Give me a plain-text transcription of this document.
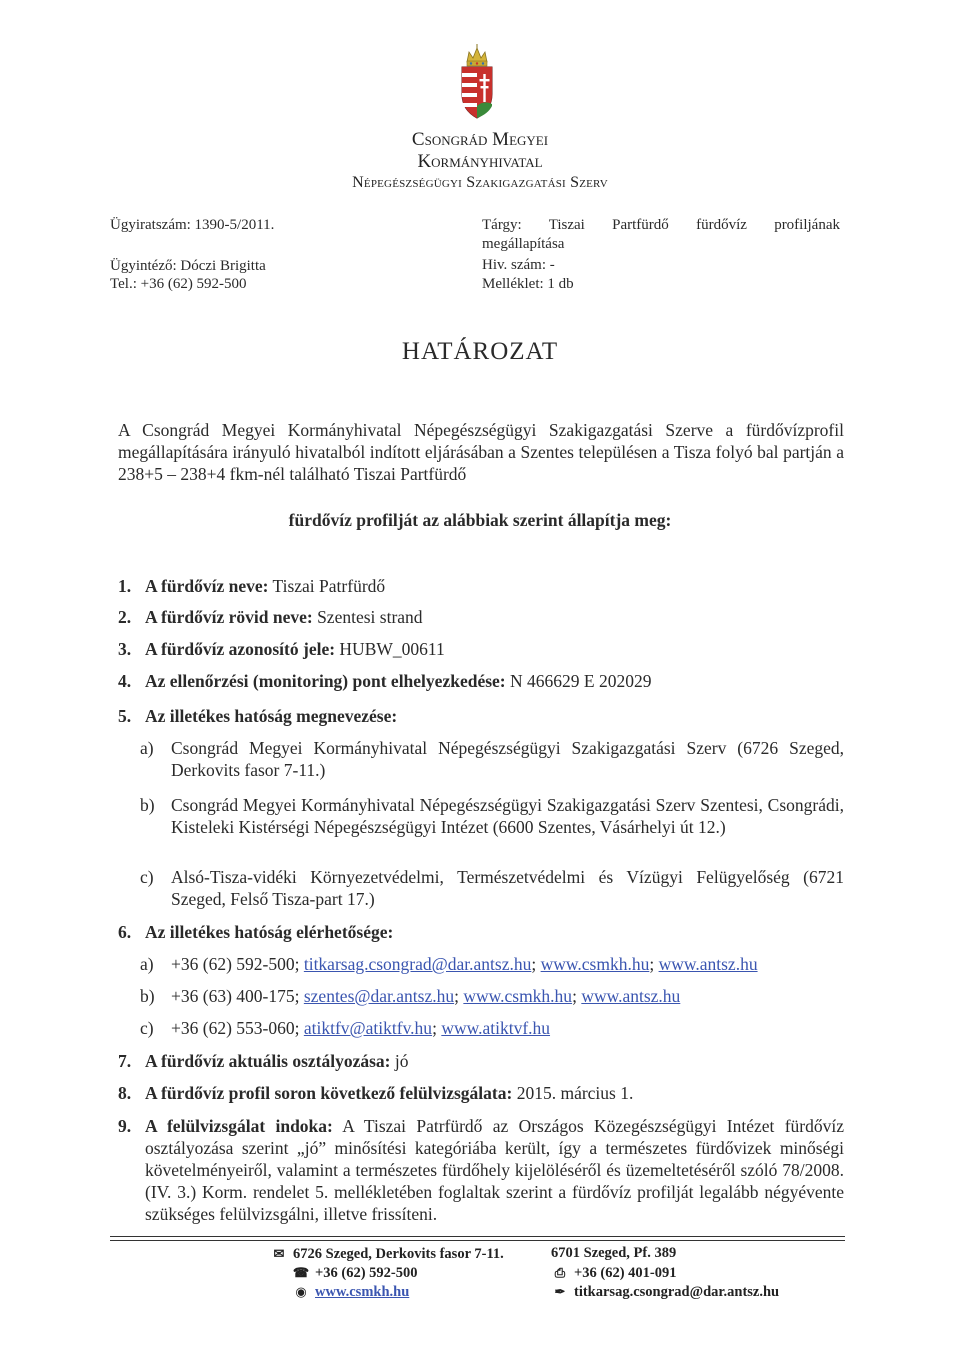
Csongrád Megyei
Kormányhivatal
Népegészségügyi Szakigazgatási Szerv
Ügyiratszám: 1390-5/2011.
Ügyintéző: Dóczi Brigitta
Tel.: +36 (62) 592-500
Tárgy: Tiszai Partfürdő fürdővíz profiljának
megállapítása
Hiv. szám: -
Melléklet: 1 db
HATÁROZAT
A Csongrád Megyei Kormányhivatal Népegészségügyi Szakigazgatási Szerve a fürdővízprofil megállapítására irányuló hivatalból indított eljárásában a Szentes településen a Tisza folyó bal partján a 238+5 – 238+4 fkm-nél található Tiszai Partfürdő
fürdővíz profilját az alábbiak szerint állapítja meg:
1. A fürdővíz neve: Tiszai Patrfürdő
2. A fürdővíz rövid neve: Szentesi strand
3. A fürdővíz azonosító jele: HUBW_00611
4. Az ellenőrzési (monitoring) pont elhelyezkedése: N 466629 E 202029
5. Az illetékes hatóság megnevezése:
a) Csongrád Megyei Kormányhivatal Népegészségügyi Szakigazgatási Szerv (6726 Szeged, Derkovits fasor 7-11.)
b) Csongrád Megyei Kormányhivatal Népegészségügyi Szakigazgatási Szerv Szentesi, Csongrádi, Kisteleki Kistérségi Népegészségügyi Intézet (6600 Szentes, Vásárhelyi út 12.)
c) Alsó-Tisza-vidéki Környezetvédelmi, Természetvédelmi és Vízügyi Felügyelőség (6721 Szeged, Felső Tisza-part 17.)
6. Az illetékes hatóság elérhetősége:
a) +36 (62) 592-500; titkarsag.csongrad@dar.antsz.hu; www.csmkh.hu; www.antsz.hu
b) +36 (63) 400-175; szentes@dar.antsz.hu; www.csmkh.hu; www.antsz.hu
c) +36 (62) 553-060; atiktfv@atiktfv.hu; www.atiktvf.hu
7. A fürdővíz aktuális osztályozása: jó
8. A fürdővíz profil soron következő felülvizsgálata: 2015. március 1.
9. A felülvizsgálat indoka: A Tiszai Patrfürdő az Országos Közegészségügyi Intézet fürdővíz osztályozása szerint „jó” minősítési kategóriába került, így a természetes fürdővizek minőségi követelményeiről, valamint a természetes fürdőhely kijelöléséről és üzemeltetéséről szóló 78/2008. (IV. 3.) Korm. rendelet 5. mellékletében foglaltak szerint a fürdővíz profilját legalább négyévente szükséges felülvizsgálni, illetve frissíteni.
✉ 6726 Szeged, Derkovits fasor 7-11.
☎ +36 (62) 592-500
◉ www.csmkh.hu
6701 Szeged, Pf. 389
⎙ +36 (62) 401-091
✒ titkarsag.csongrad@dar.antsz.hu
